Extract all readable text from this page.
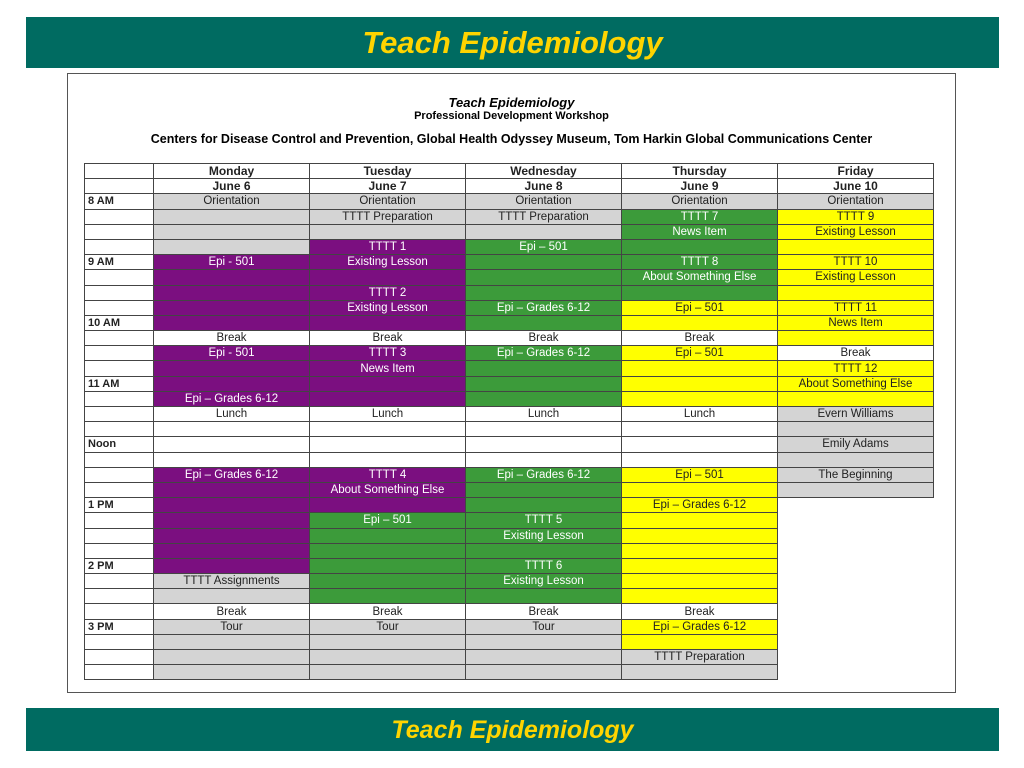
Teach Epidemiology
Teach Epidemiology
Professional Development Workshop
Centers for Disease Control and Prevention, Global Health Odyssey Museum, Tom Harkin Global Communications Center
	Monday	Tuesday	Wednesday	Thursday	Friday
	June 6	June 7	June 8	June 9	June 10
8 AM	Orientation	Orientation	Orientation	Orientation	Orientation
		TTTT Preparation	TTTT Preparation	TTTT 7	TTTT 9
				News Item	Existing Lesson
		TTTT 1	Epi – 501		
9 AM	Epi - 501	Existing Lesson		TTTT 8	TTTT 10
				About Something Else	Existing Lesson
		TTTT 2			
		Existing Lesson	Epi – Grades 6-12	Epi – 501	TTTT 11
10 AM					News Item
	Break	Break	Break	Break	
	Epi - 501	TTTT 3	Epi – Grades 6-12	Epi – 501	Break
		News Item			TTTT 12
11 AM					About Something Else
	Epi – Grades 6-12				
	Lunch	Lunch	Lunch	Lunch	Evern Williams

Noon					Emily Adams

	Epi – Grades 6-12	TTTT 4	Epi – Grades 6-12	Epi – 501	The Beginning
		About Something Else			
1 PM				Epi – Grades 6-12	
		Epi – 501	TTTT 5		
			Existing Lesson		

2 PM			TTTT 6		
	TTTT Assignments		Existing Lesson		

	Break	Break	Break	Break	
3 PM	Tour	Tour	Tour	Epi – Grades 6-12	

				TTTT Preparation	

Teach Epidemiology
